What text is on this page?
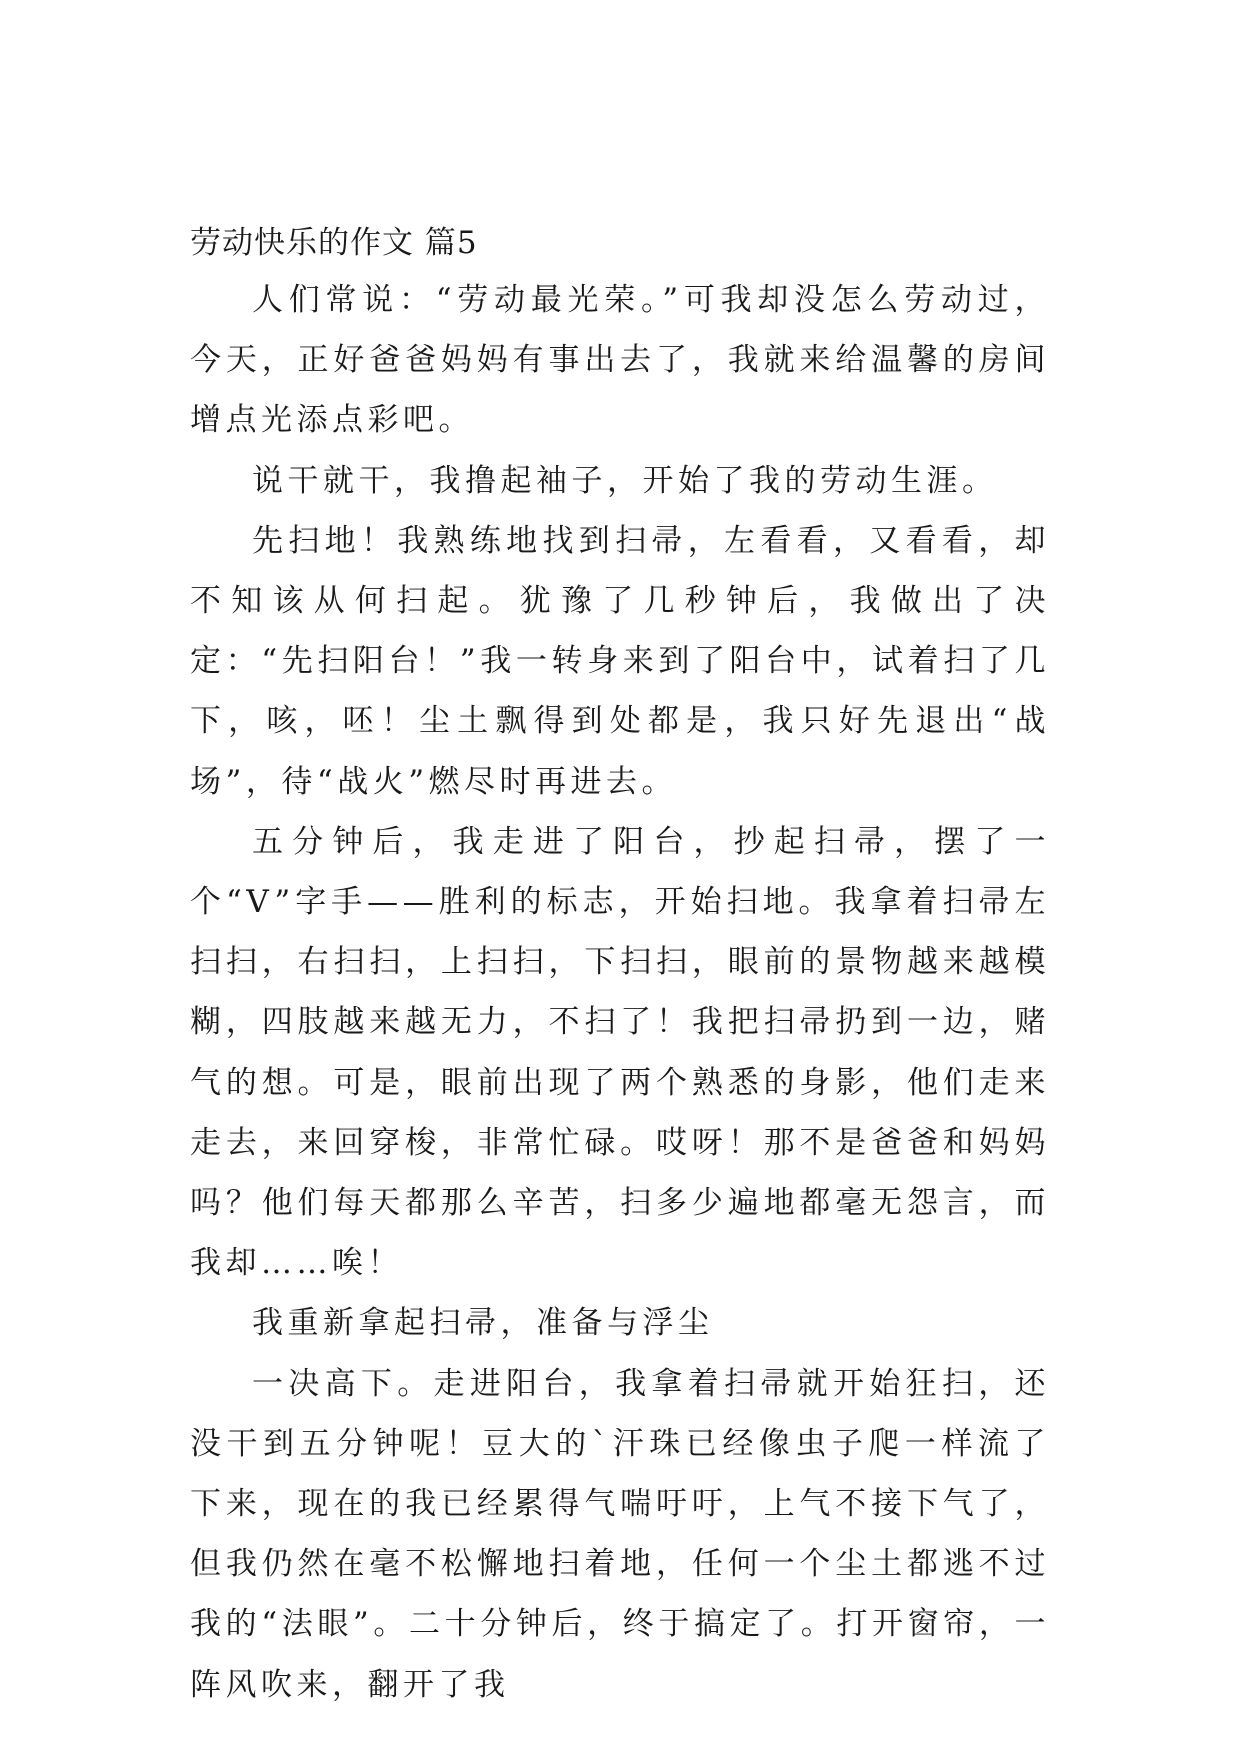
劳动快乐的作文 篇5

人们常说：“劳动最光荣。”可我却没怎么劳动过，今天，正好爸爸妈妈有事出去了，我就来给温馨的房间增点光添点彩吧。

说干就干，我撸起袖子，开始了我的劳动生涯。

先扫地！我熟练地找到扫帚，左看看，又看看，却不知该从何扫起。犹豫了几秒钟后，我做出了决定：“先扫阳台！”我一转身来到了阳台中，试着扫了几下，咳，呸！尘土飘得到处都是，我只好先退出“战场”，待“战火”燃尽时再进去。

五分钟后，我走进了阳台，抄起扫帚，摆了一个“V”字手——胜利的标志，开始扫地。我拿着扫帚左扫扫，右扫扫，上扫扫，下扫扫，眼前的景物越来越模糊，四肢越来越无力，不扫了！我把扫帚扔到一边，赌气的想。可是，眼前出现了两个熟悉的身影，他们走来走去，来回穿梭，非常忙碌。哎呀！那不是爸爸和妈妈吗？他们每天都那么辛苦，扫多少遍地都毫无怨言，而我却……唉！

我重新拿起扫帚，准备与浮尘

一决高下。走进阳台，我拿着扫帚就开始狂扫，还没干到五分钟呢！豆大的`汗珠已经像虫子爬一样流了下来，现在的我已经累得气喘吁吁，上气不接下气了，但我仍然在毫不松懈地扫着地，任何一个尘土都逃不过我的“法眼”。二十分钟后，终于搞定了。打开窗帘，一阵风吹来，翻开了我
